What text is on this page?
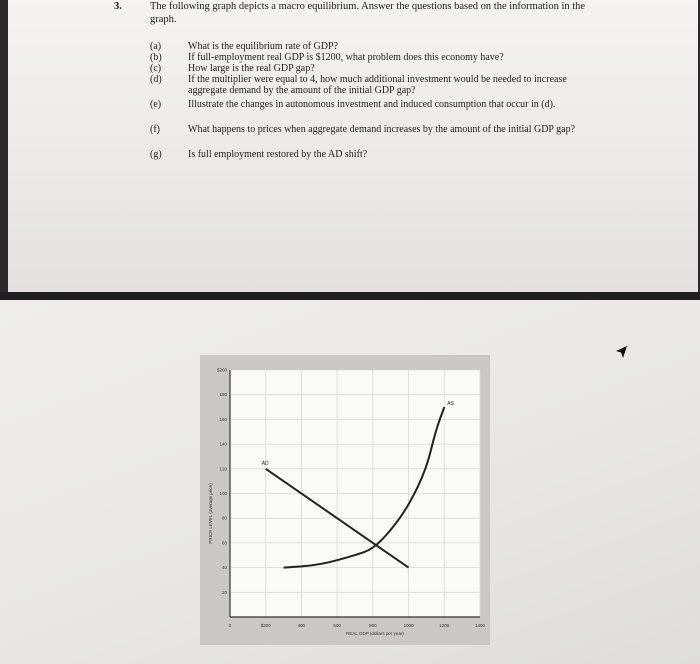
3.	The following graph depicts a macro equilibrium. Answer the questions based on the information in the graph.
(a)	What is the equilibrium rate of GDP?
(b)	If full-employment real GDP is $1200, what problem does this economy have?
(c)	How large is the real GDP gap?
(d)	If the multiplier were equal to 4, how much additional investment would be needed to increase aggregate demand by the amount of the initial GDP gap?
(e)	Illustrate the changes in autonomous investment and induced consumption that occur in (d).
(f)	What happens to prices when aggregate demand increases by the amount of the initial GDP gap?
(g)	Is full employment restored by the AD shift?
0	$200	400	600	800	1000	1200	1400
$200
180
160
140
120
100
80
60
40
20
REAL GDP (dollars per year)
PRICE LEVEL (average price)
AD
AS
